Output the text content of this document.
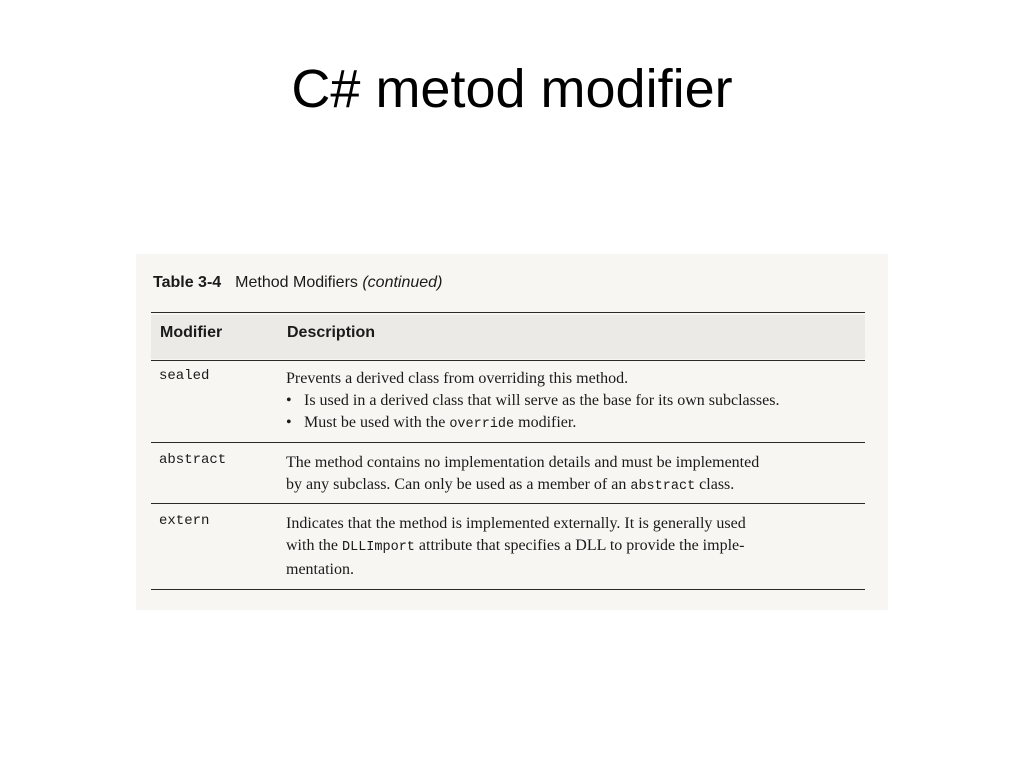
C# metod modifier
Table 3-4 Method Modifiers (continued)
Modifier	Description
sealed	Prevents a derived class from overriding this method.
• Is used in a derived class that will serve as the base for its own subclasses.
• Must be used with the override modifier.
abstract	The method contains no implementation details and must be implemented
by any subclass. Can only be used as a member of an abstract class.
extern	Indicates that the method is implemented externally. It is generally used
with the DLLImport attribute that specifies a DLL to provide the imple-
mentation.
